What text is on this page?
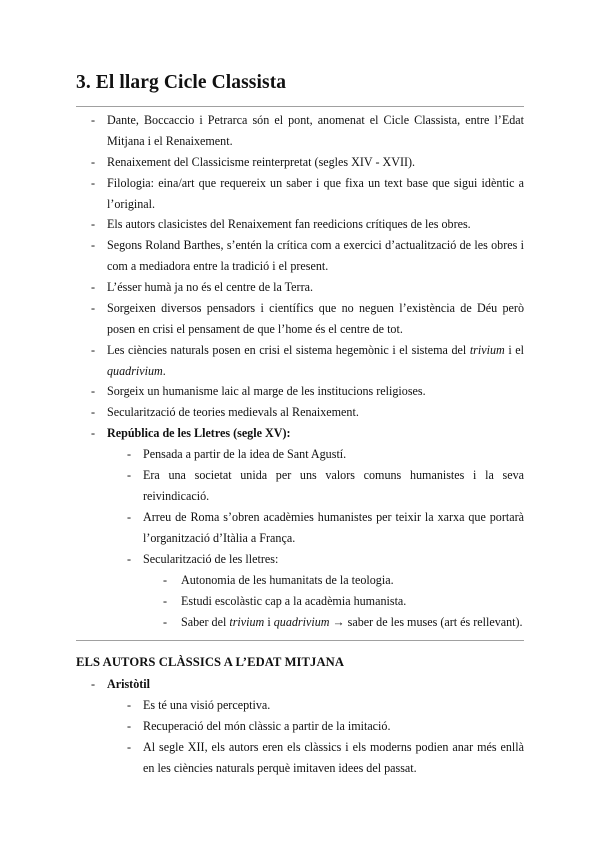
3. El llarg Cicle Classista
- Dante, Boccaccio i Petrarca són el pont, anomenat el Cicle Classista, entre l’Edat Mitjana i el Renaixement.
- Renaixement del Classicisme reinterpretat (segles XIV - XVII).
- Filologia: eina/art que requereix un saber i que fixa un text base que sigui idèntic a l’original.
- Els autors clasicistes del Renaixement fan reedicions crítiques de les obres.
- Segons Roland Barthes, s’entén la crítica com a exercici d’actualització de les obres i com a mediadora entre la tradició i el present.
- L’ésser humà ja no és el centre de la Terra.
- Sorgeixen diversos pensadors i científics que no neguen l’existència de Déu però posen en crisi el pensament de que l’home és el centre de tot.
- Les ciències naturals posen en crisi el sistema hegemònic i el sistema del trivium i el quadrivium.
- Sorgeix un humanisme laic al marge de les institucions religioses.
- Secularització de teories medievals al Renaixement.
- República de les Lletres (segle XV):
- Pensada a partir de la idea de Sant Agustí.
- Era una societat unida per uns valors comuns humanistes i la seva reivindicació.
- Arreu de Roma s’obren acadèmies humanistes per teixir la xarxa que portarà l’organització d’Itàlia a França.
- Secularització de les lletres:
- Autonomia de les humanitats de la teologia.
- Estudi escolàstic cap a la acadèmia humanista.
- Saber del trivium i quadrivium → saber de les muses (art és rellevant).
ELS AUTORS CLÀSSICS A L’EDAT MITJANA
- Aristòtil
- Es té una visió perceptiva.
- Recuperació del món clàssic a partir de la imitació.
- Al segle XII, els autors eren els clàssics i els moderns podien anar més enllà en les ciències naturals perquè imitaven idees del passat.
